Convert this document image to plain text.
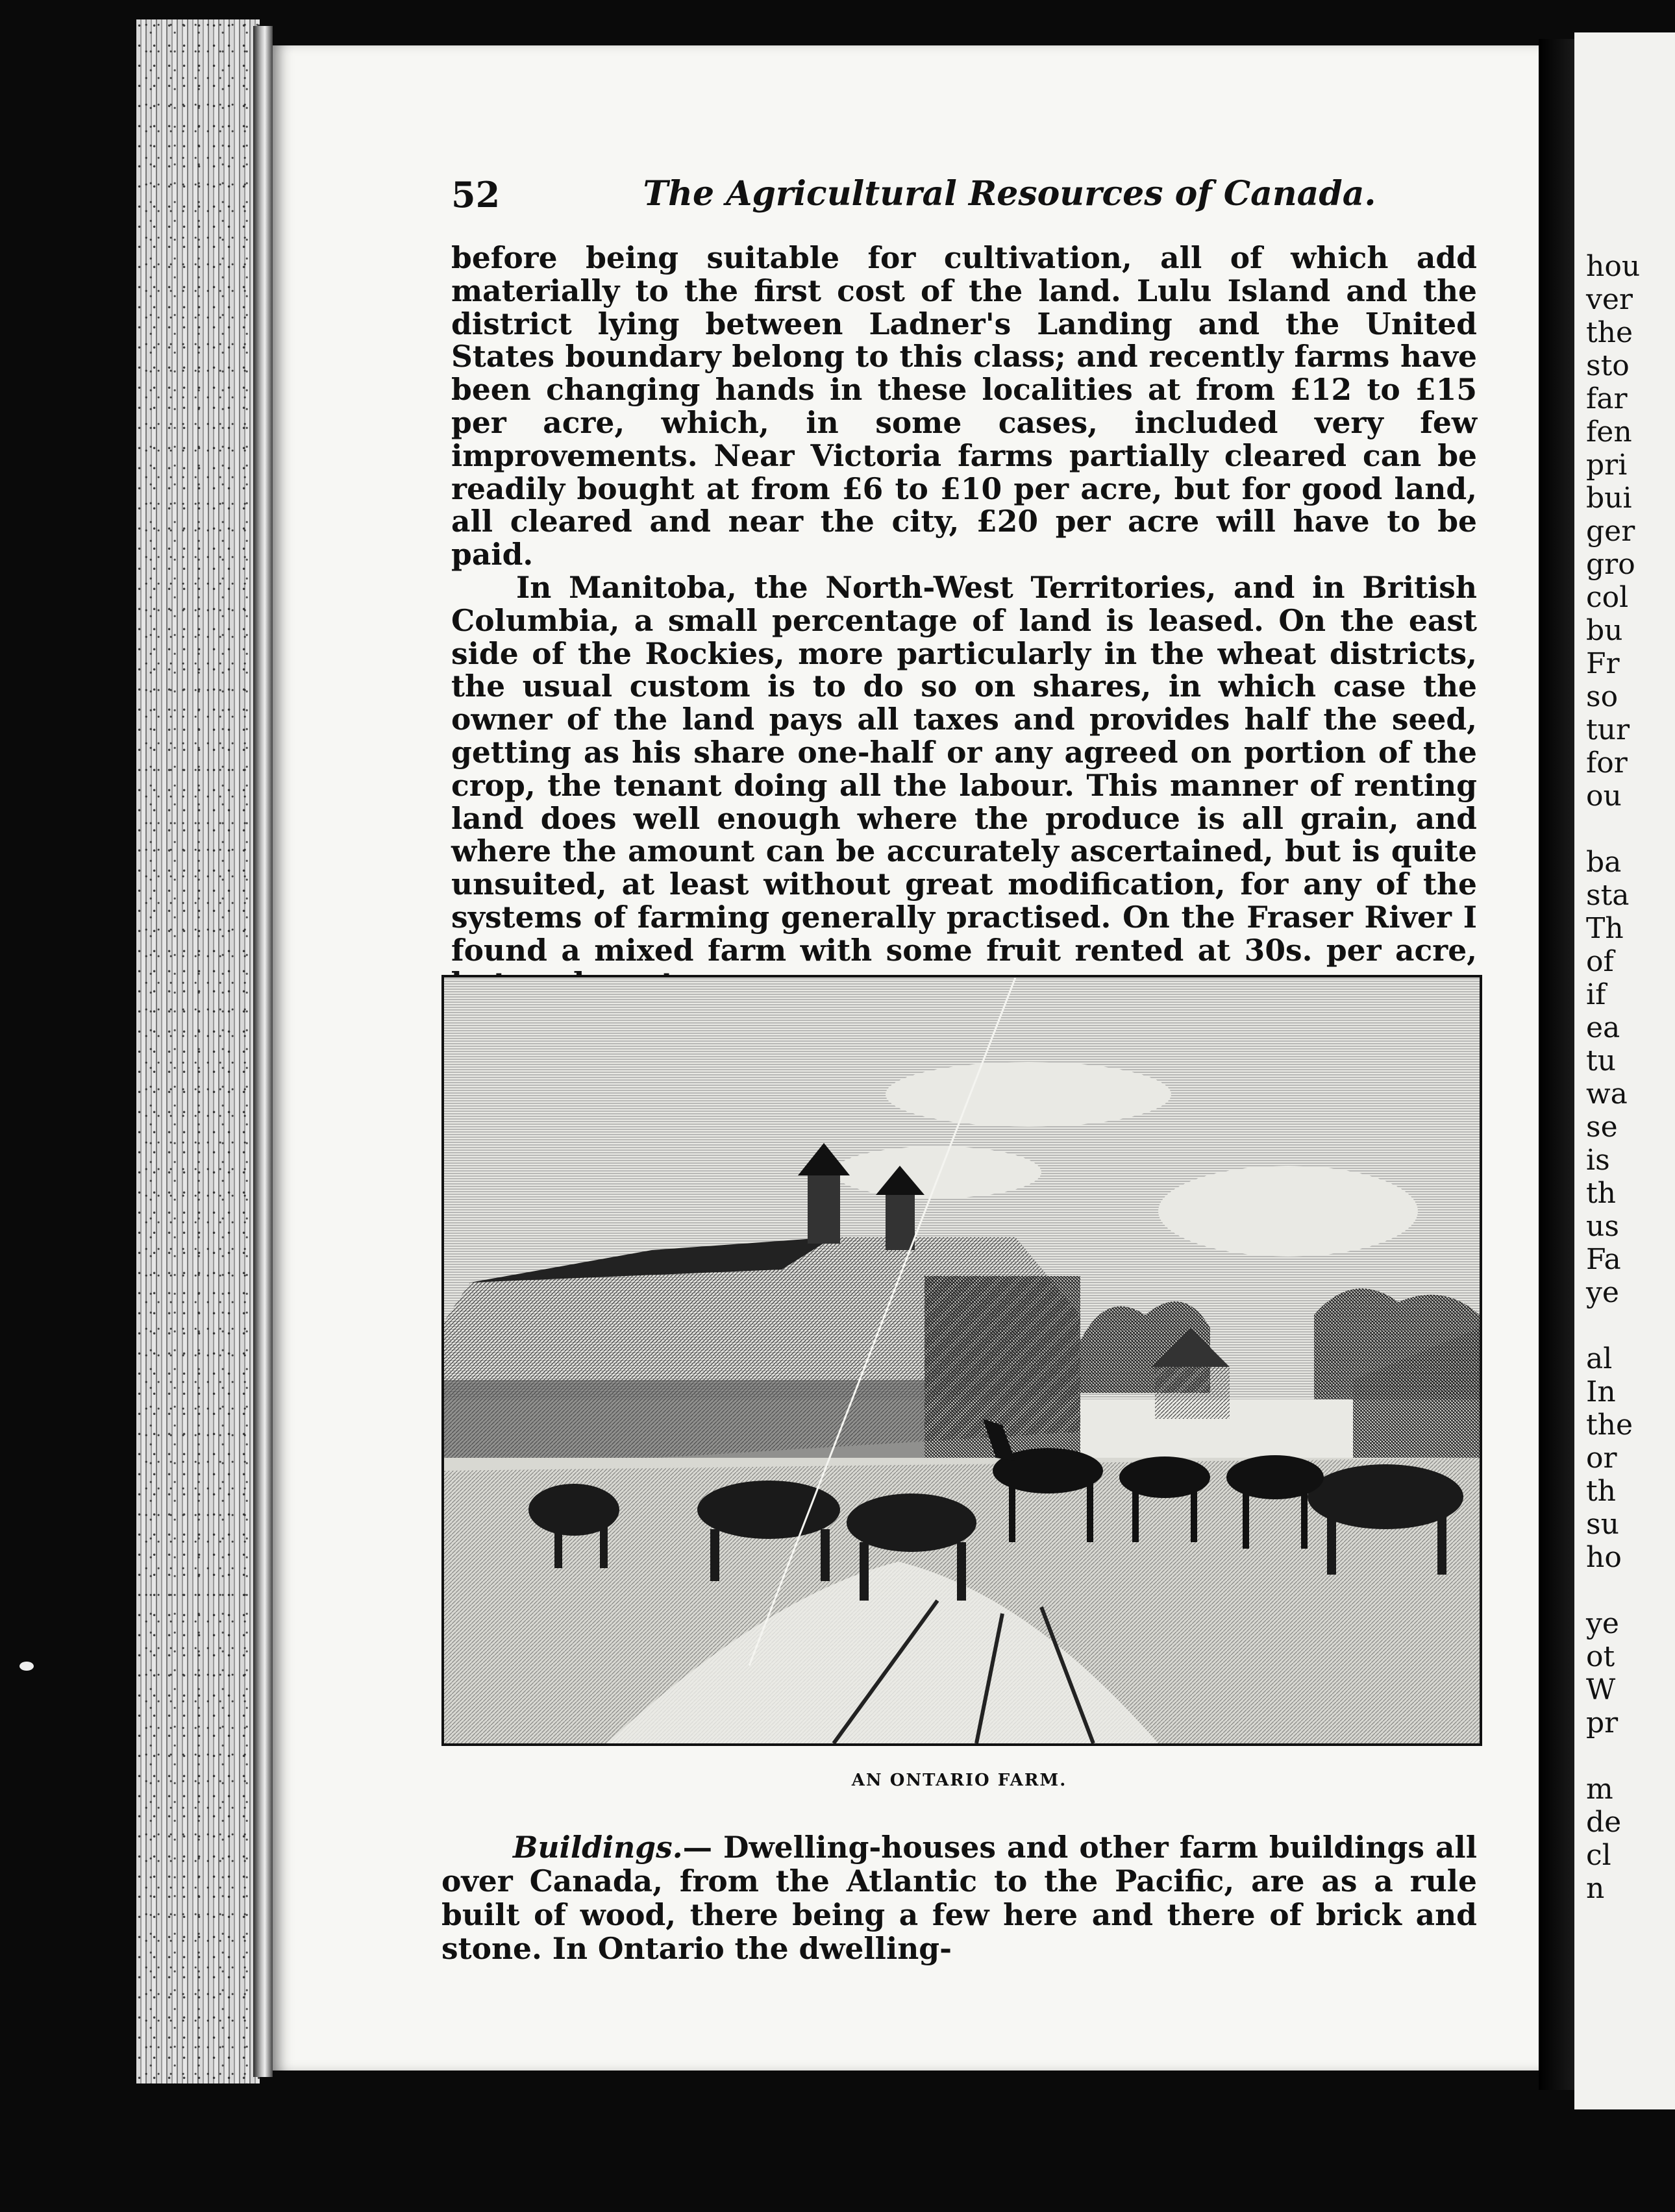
hou
ver
the
sto
far
fen
pri
bui
ger
gro
col
bu
Fr
so
tur
for
ou
ba
sta
Th
of
if
ea
tu
wa
se
is
th
us
Fa
ye
al
In
the
or
th
su
ho
ye
ot
W
pr
m
de
cl
n
52	The Agricultural Resources of Canada.

before being suitable for cultivation, all of which add materially to the first cost of the land. Lulu Island and the district lying between Ladner's Landing and the United States boundary belong to this class; and recently farms have been changing hands in these localities at from £12 to £15 per acre, which, in some cases, included very few improvements. Near Victoria farms partially cleared can be readily bought at from £6 to £10 per acre, but for good land, all cleared and near the city, £20 per acre will have to be paid.

In Manitoba, the North-West Territories, and in British Columbia, a small percentage of land is leased. On the east side of the Rockies, more particularly in the wheat districts, the usual custom is to do so on shares, in which case the owner of the land pays all taxes and provides half the seed, getting as his share one-half or any agreed on portion of the crop, the tenant doing all the labour. This manner of renting land does well enough where the produce is all grain, and where the amount can be accurately ascertained, but is quite unsuited, at least without great modification, for any of the systems of farming generally practised. On the Fraser River I found a mixed farm with some fruit rented at 30s. per acre,

AN ONTARIO FARM.

Buildings.— Dwelling-houses and other farm buildings all over Canada, from the Atlantic to the Pacific, are as a rule built of wood, there being a few here and there of brick and stone. In Ontario the dwelling-
